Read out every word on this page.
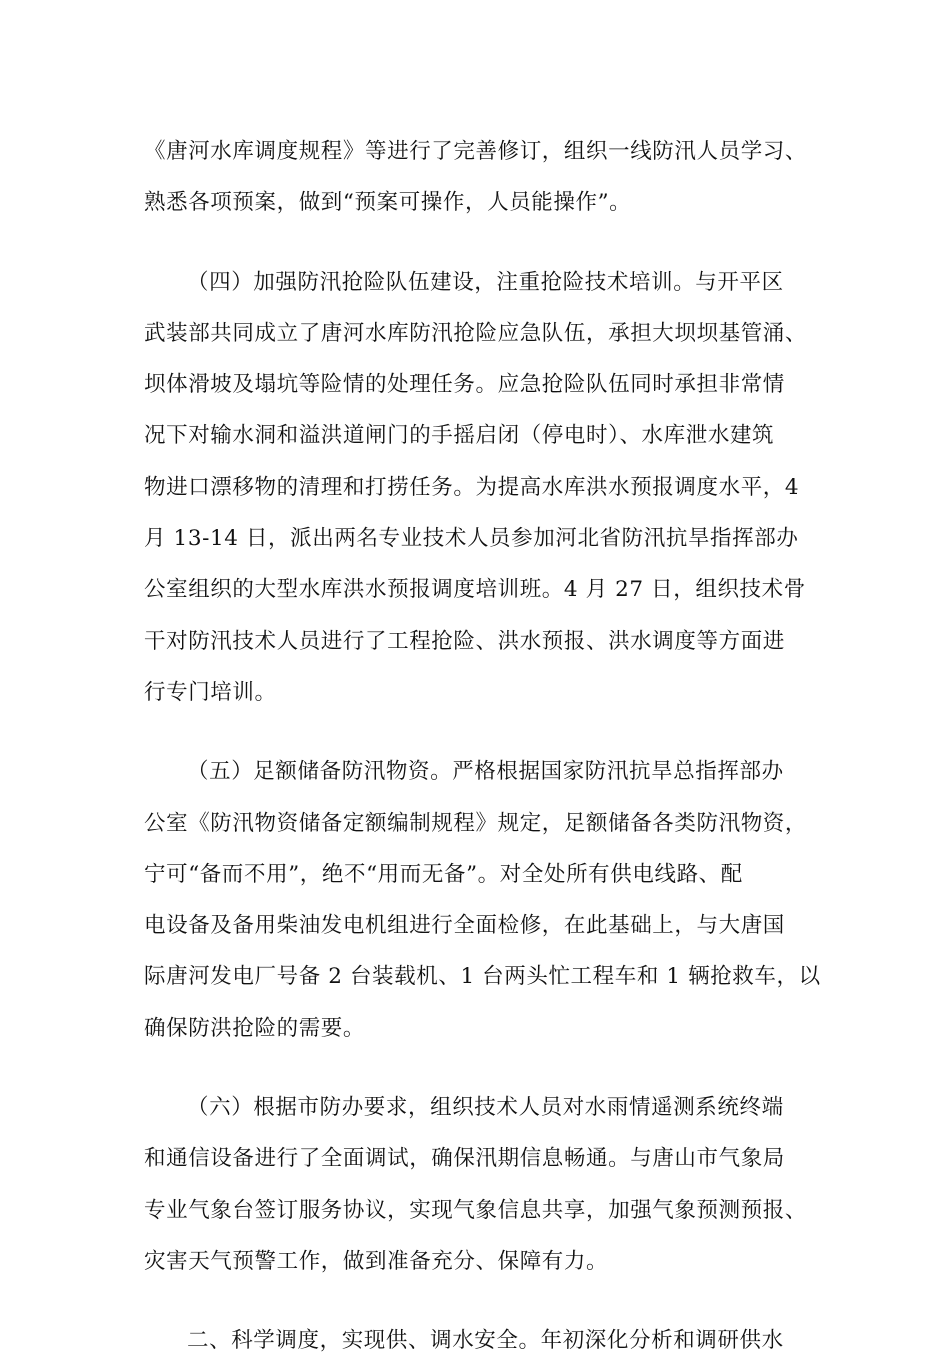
《唐河水库调度规程》等进行了完善修订，组织一线防汛人员学习、
熟悉各项预案，做到“预案可操作，人员能操作”。
（四）加强防汛抢险队伍建设，注重抢险技术培训。与开平区
武装部共同成立了唐河水库防汛抢险应急队伍，承担大坝坝基管涌、
坝体滑坡及塌坑等险情的处理任务。应急抢险队伍同时承担非常情
况下对输水洞和溢洪道闸门的手摇启闭（停电时）、水库泄水建筑
物进口漂移物的清理和打捞任务。为提高水库洪水预报调度水平，4
月 13-14 日，派出两名专业技术人员参加河北省防汛抗旱指挥部办
公室组织的大型水库洪水预报调度培训班。4 月 27 日，组织技术骨
干对防汛技术人员进行了工程抢险、洪水预报、洪水调度等方面进
行专门培训。
（五）足额储备防汛物资。严格根据国家防汛抗旱总指挥部办
公室《防汛物资储备定额编制规程》规定，足额储备各类防汛物资，
宁可“备而不用”，绝不“用而无备”。对全处所有供电线路、配
电设备及备用柴油发电机组进行全面检修，在此基础上，与大唐国
际唐河发电厂号备 2 台装载机、1 台两头忙工程车和 1 辆抢救车，以
确保防洪抢险的需要。
（六）根据市防办要求，组织技术人员对水雨情遥测系统终端
和通信设备进行了全面调试，确保汛期信息畅通。与唐山市气象局
专业气象台签订服务协议，实现气象信息共享，加强气象预测预报、
灾害天气预警工作，做到准备充分、保障有力。
二、科学调度，实现供、调水安全。年初深化分析和调研供水
